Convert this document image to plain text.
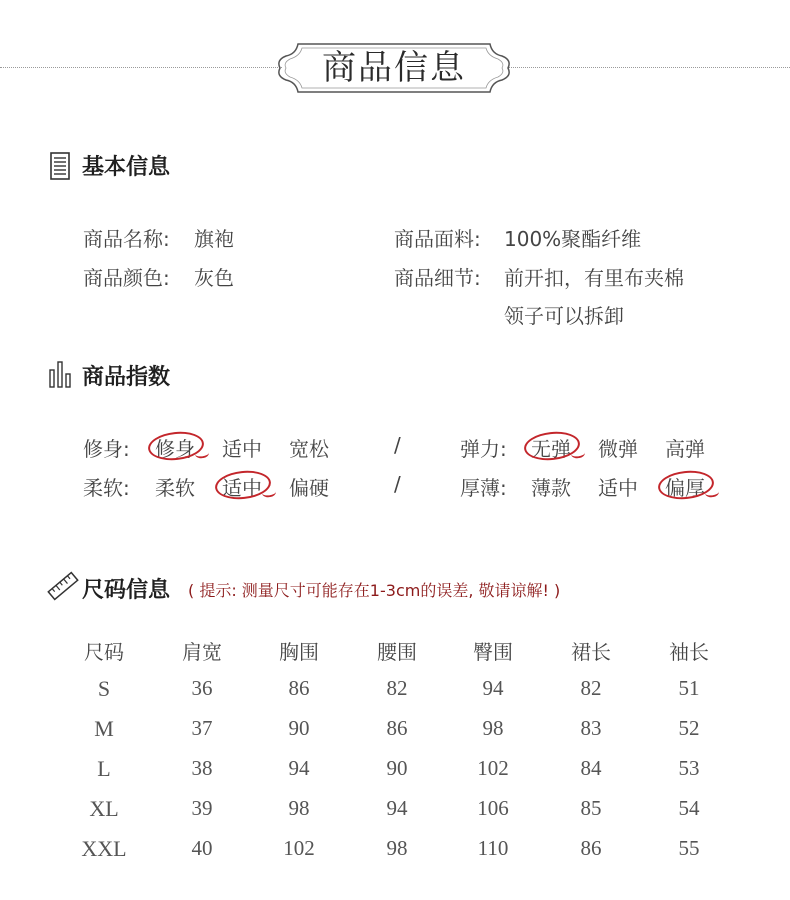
商品信息
基本信息
商品名称: 旗袍
商品颜色: 灰色
商品面料: 100%聚酯纤维
商品细节: 前开扣，有里布夹棉
领子可以拆卸
商品指数
修身: 修身 适中 宽松	/	弹力: 无弹 微弹 高弹
柔软: 柔软 适中 偏硬	/	厚薄: 薄款 适中 偏厚
尺码信息 ( 提示: 测量尺寸可能存在1-3cm的误差, 敬请谅解! )
尺码	肩宽	胸围	腰围	臀围	裙长	袖长
S	36	86	82	94	82	51
M	37	90	86	98	83	52
L	38	94	90	102	84	53
XL	39	98	94	106	85	54
XXL	40	102	98	110	86	55
